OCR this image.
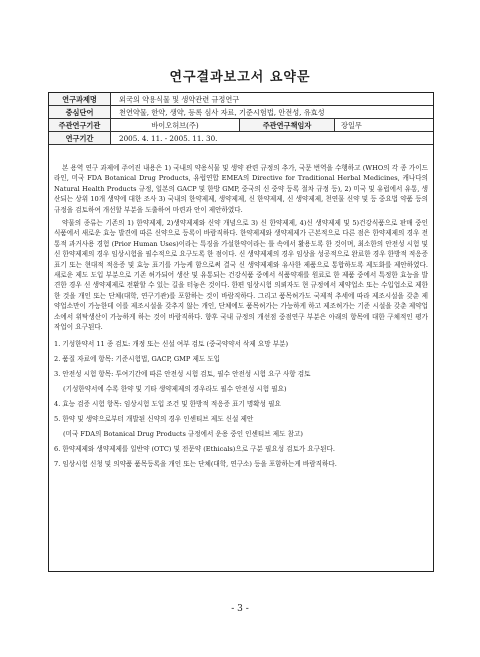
연구결과보고서 요약문
연구과제명	외국의 약용식물 및 생약관련 규정연구
중심단어	천연약물, 한약, 생약, 등록 심사 자료, 기준시험법, 안전성, 유효성
주관연구기관	바이오허브(주)	주관연구책임자	장일무
연구기간	2005. 4. 11. - 2005. 11. 30.

본 용역 연구 과제에 주어진 내용은 1) 국내의 약용식물 및 생약 관련 규정의 추가, 국문 번역을 수행하고 (WHO의 각 종 가이드라인, 미국 FDA Botanical Drug Products, 유럽연합 EMEA의 Directive for Traditional Herbal Medicines, 캐나다의 Natural Health Products 규정, 일본의 GACP 및 한방 GMP, 중국의 신 중약 등록 절차 규정 등), 2) 미국 및 유럽에서 유통, 생산되는 상위 10개 생약에 대한 조사 3) 국내의 한약제제, 생약제제, 신 한약제제, 신 생약제제, 천연물 신약 및 등 중요법 약품 등의 규정을 검토하여 개선할 부분을 도출하여 마련과 안이 제안하였다.

약물의 종류는 기존의 1) 한약제제, 2)생약제제와 신약 개념으로 3) 신 한약제제, 4)신 생약제제 및 5)건강식품으로 판매 중인 식품에서 새로운 효능 발견에 따른 신약으로 등록이 바람직하다. 한약제제와 생약제제가 근본적으로 다른 점은 한약제제의 경우 전통적 과거사용 경험 (Prior Human Uses)이라는 특징을 가설한약이라는 틀 속에서 활용도록 한 것이며, 최소한의 안전성 시험 및 신 한약제제의 경우 임상시험을 필수적으로 요구도록 한 점이다. 신 생약제제의 경우 임상을 성공적으로 완료한 경우 한방적 적응증 표기 또는 현대적 적응증 및 효능 표기를 가능케 함으로써 결국 신 생약제제와 유사한 제품으로 통합하도록 제도화를 제안하였다. 새로운 제도 도입 부분으로 기존 허가되어 생산 및 유통되는 건강식품 중에서 식품약재를 원료로 한 제품 중에서 특정한 효능을 발견한 경우 신 생약제제로 전환할 수 있는 길을 터놓은 것이다. 한편 임상시험 의뢰자도 현 규정에서 제약업소 또는 수입업소로 제한한 것을 개인 또는 단체(대학, 연구기관)를 포함하는 것이 바람직하다. 그리고 품목허가도 국제적 추세에 따라 제조시설을 갖춘 제약업소만이 가능한데 이를 제조시설을 갖추지 않는 개인, 단체에도 품목허가는 가능하게 하고 제조허가는 기준 시설을 갖춘 제약업소에서 위탁생산이 가능하게 하는 것이 바람직하다. 향후 국내 규정의 개선점 중점연구 부분은 아래의 항목에 대한 구체적인 평가 작업이 요구된다.

1. 기성한약서 11 종 검토: 개정 또는 신설 여부 검토 (중국약약서 삭제 요망 부분)
2. 품질 자료에 항목: 기준시험법, GACP, GMP 제도 도입
3. 안전성 시험 항목: 투여기간에 따른 안전성 시험 검토, 필수 안전성 시험 요구 사항 검토
(기성한약서에 수록 한약 및 기타 생약제제의 경우라도 필수 안전성 시험 필요)
4. 효능 검증 시험 항목: 임상시험 도입 조건 및 한방적 적응증 표기 명확성 필요
5. 한약 및 생약으로부터 개발된 신약의 경우 인센티브 제도 신설 제안
(미국 FDA의 Botanical Drug Products 규정에서 운용 중인 인센티브 제도 참고)
6. 한약제제와 생약제제를 일반약 (OTC) 및 전문약 (Ethicals)으로 구분 필요성 검토가 요구된다.
7. 임상시험 신청 및 의약품 품목등록을 개인 또는 단체(대학, 연구소) 등을 포함하는게 바람직하다.
- 3 -
